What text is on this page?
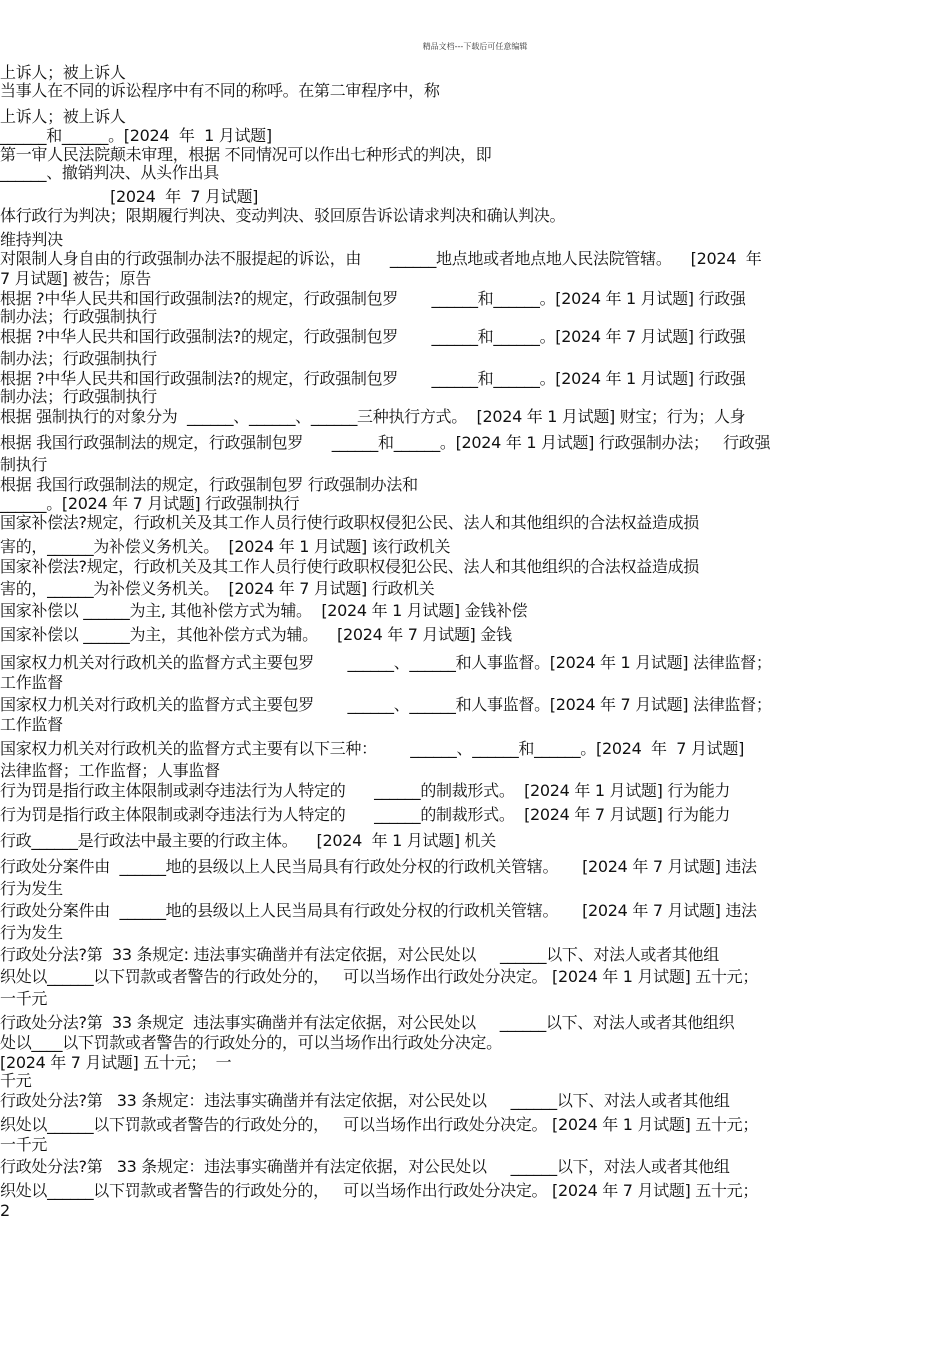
精品文档---下载后可任意编辑
上诉人；被上诉人
当事人在不同的诉讼程序中有不同的称呼。在第二审程序中，称
上诉人；被上诉人
______和______。[2024  年  1 月试题]
第一审人民法院颠未审理，根据 不同情况可以作出七种形式的判决，即
______、撤销判决、从头作出具
[2024  年  7 月试题]
体行政行为判决；限期履行判决、变动判决、驳回原告诉讼请求判决和确认判决。
维持判决
对限制人身自由的行政强制办法不服提起的诉讼，由      ______地点地或者地点地人民法院管辖。    [2024  年
7 月试题] 被告；原告
根据 ?中华人民共和国行政强制法?的规定，行政强制包罗       ______和______。[2024 年 1 月试题] 行政强
制办法；行政强制执行
根据 ?中华人民共和国行政强制法?的规定，行政强制包罗       ______和______。[2024 年 7 月试题] 行政强
制办法；行政强制执行
根据 ?中华人民共和国行政强制法?的规定，行政强制包罗       ______和______。[2024 年 1 月试题] 行政强
制办法；行政强制执行
根据 强制执行的对象分为  ______、______、______三种执行方式。  [2024 年 1 月试题] 财宝；行为；人身
根据 我国行政强制法的规定，行政强制包罗      ______和______。[2024 年 1 月试题] 行政强制办法；   行政强
制执行
根据 我国行政强制法的规定，行政强制包罗 行政强制办法和
______。[2024 年 7 月试题] 行政强制执行
国家补偿法?规定，行政机关及其工作人员行使行政职权侵犯公民、法人和其他组织的合法权益造成损
害的，______为补偿义务机关。  [2024 年 1 月试题] 该行政机关
国家补偿法?规定，行政机关及其工作人员行使行政职权侵犯公民、法人和其他组织的合法权益造成损
害的，______为补偿义务机关。  [2024 年 7 月试题] 行政机关
国家补偿以 ______为主, 其他补偿方式为辅。  [2024 年 1 月试题] 金钱补偿
国家补偿以 ______为主，其他补偿方式为辅。    [2024 年 7 月试题] 金钱
国家权力机关对行政机关的监督方式主要包罗       ______、______和人事监督。[2024 年 1 月试题] 法律监督；
工作监督
国家权力机关对行政机关的监督方式主要包罗       ______、______和人事监督。[2024 年 7 月试题] 法律监督；
工作监督
国家权力机关对行政机关的监督方式主要有以下三种：       ______、______和______。[2024  年  7 月试题]
法律监督；工作监督；人事监督
行为罚是指行政主体限制或剥夺违法行为人特定的      ______的制裁形式。  [2024 年 1 月试题] 行为能力
行为罚是指行政主体限制或剥夺违法行为人特定的      ______的制裁形式。  [2024 年 7 月试题] 行为能力
行政______是行政法中最主要的行政主体。    [2024  年 1 月试题] 机关
行政处分案件由  ______地的县级以上人民当局具有行政处分权的行政机关管辖。     [2024 年 7 月试题] 违法
行为发生
行政处分案件由  ______地的县级以上人民当局具有行政处分权的行政机关管辖。     [2024 年 7 月试题] 违法
行为发生
行政处分法?第  33 条规定: 违法事实确凿并有法定依据，对公民处以     ______以下、对法人或者其他组
织处以______以下罚款或者警告的行政处分的，   可以当场作出行政处分决定。 [2024 年 1 月试题] 五十元；
一千元
行政处分法?第  33 条规定  违法事实确凿并有法定依据，对公民处以     ______以下、对法人或者其他组织
处以____以下罚款或者警告的行政处分的，可以当场作出行政处分决定。
[2024 年 7 月试题] 五十元；  一
千元
行政处分法?第   33 条规定：违法事实确凿并有法定依据，对公民处以     ______以下、对法人或者其他组
织处以______以下罚款或者警告的行政处分的，   可以当场作出行政处分决定。 [2024 年 1 月试题] 五十元；
一千元
行政处分法?第   33 条规定：违法事实确凿并有法定依据，对公民处以     ______以下，对法人或者其他组
织处以______以下罚款或者警告的行政处分的，   可以当场作出行政处分决定。 [2024 年 7 月试题] 五十元；
2
